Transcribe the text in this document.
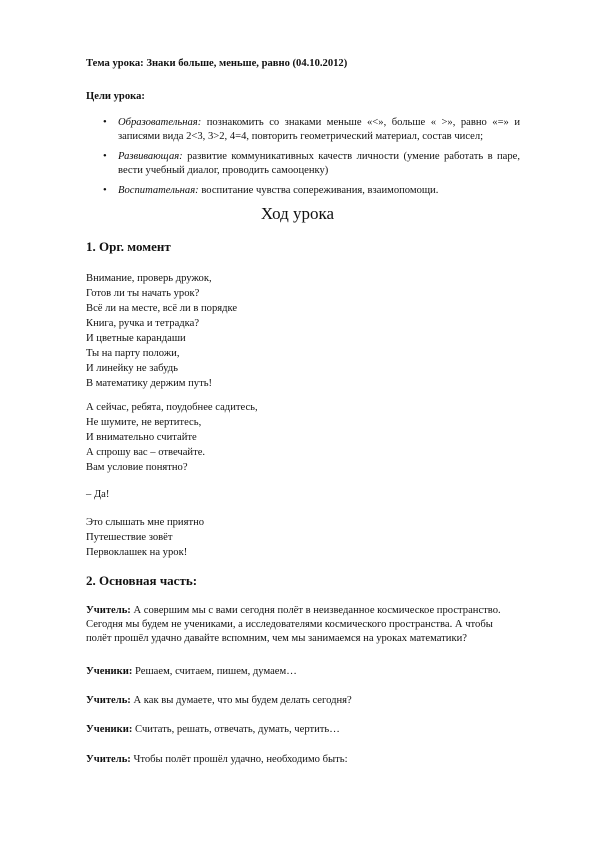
Тема урока: Знаки больше, меньше, равно (04.10.2012)
Цели урока:
• Образовательная: познакомить со знаками меньше «<», больше « >», равно «=» и записями вида 2<3, 3>2, 4=4, повторить геометрический материал, состав чисел;
• Развивающая: развитие коммуникативных качеств личности (умение работать в паре, вести учебный диалог, проводить самооценку)
• Воспитательная: воспитание чувства сопереживания, взаимопомощи.
Ход урока
1. Орг. момент
Внимание, проверь дружок,
Готов ли ты начать урок?
Всё ли на месте, всё ли в порядке
Книга, ручка и тетрадка?
И цветные карандаши
Ты на парту положи,
И линейку не забудь
В математику держим путь!
А сейчас, ребята, поудобнее садитесь,
Не шумите, не вертитесь,
И внимательно считайте
А спрошу вас – отвечайте.
Вам условие понятно?
– Да!
Это слышать мне приятно
Путешествие зовёт
Первоклашек на урок!
2. Основная часть:
Учитель: А совершим мы с вами сегодня полёт в неизведанное космическое пространство.
Сегодня мы будем не учениками, а исследователями космического пространства. А чтобы
полёт прошёл удачно давайте вспомним, чем мы занимаемся на уроках математики?
Ученики: Решаем, считаем, пишем, думаем…
Учитель: А как вы думаете, что мы будем делать сегодня?
Ученики: Считать, решать, отвечать, думать, чертить…
Учитель: Чтобы полёт прошёл удачно, необходимо быть:
